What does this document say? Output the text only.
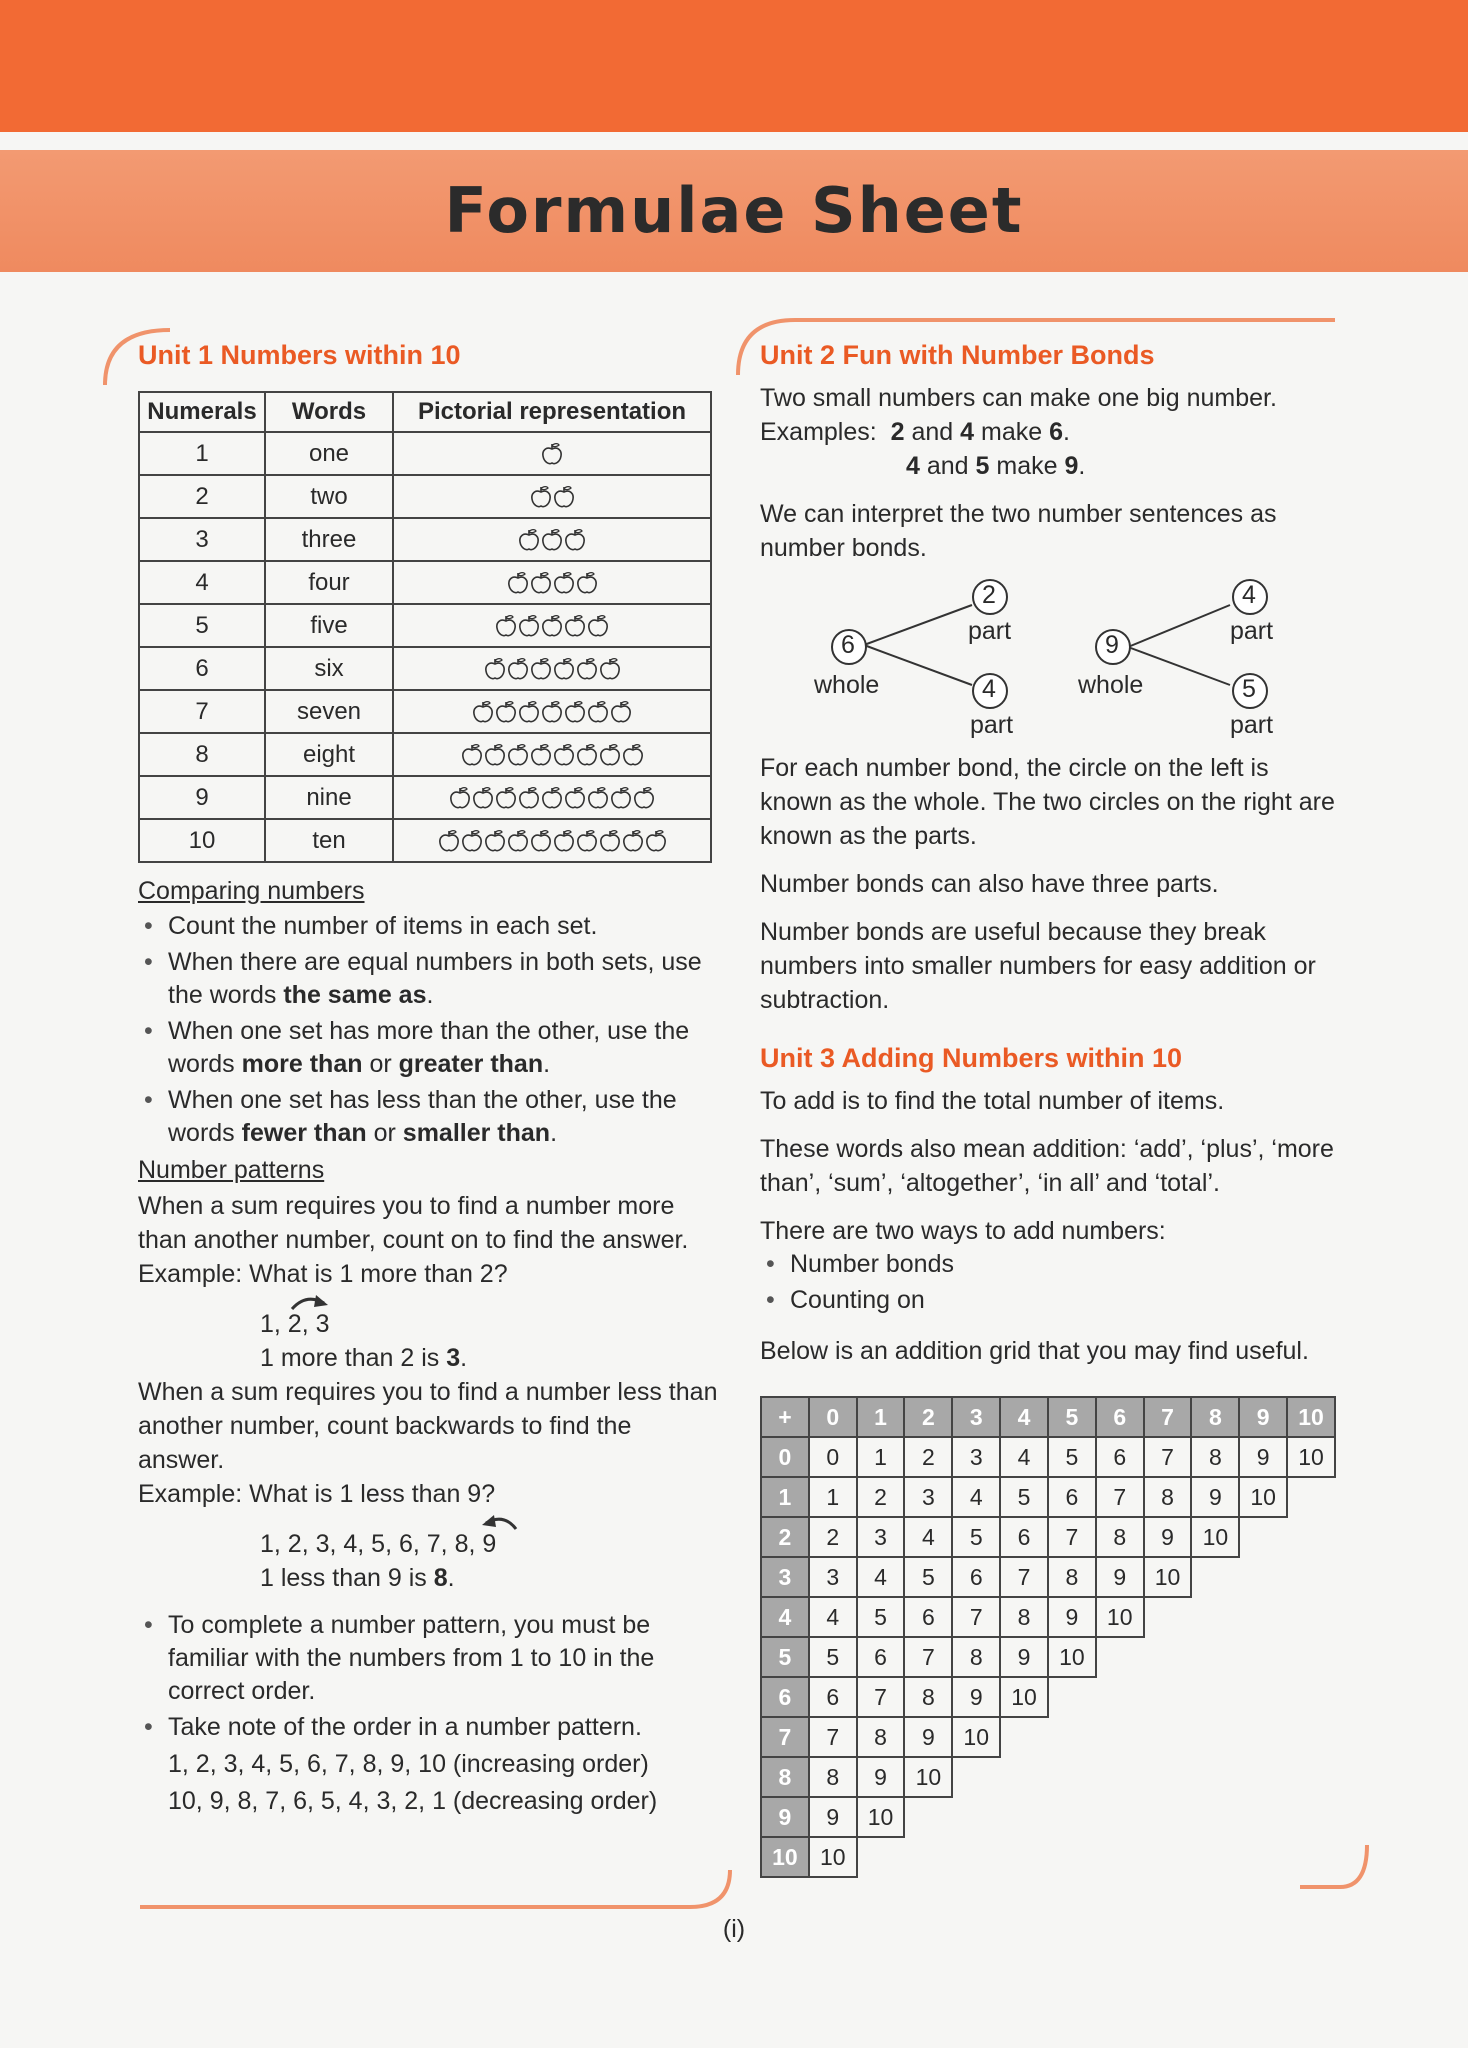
Formulae Sheet
Unit 1 Numbers within 10
Numerals	Words	Pictorial representation
1	one	
2	two	
3	three	
4	four	
5	five	
6	six	
7	seven	
8	eight	
9	nine	
10	ten	
Comparing numbers
• Count the number of items in each set.
• When there are equal numbers in both sets, use the words the same as.
• When one set has more than the other, use the words more than or greater than.
• When one set has less than the other, use the words fewer than or smaller than.
Number patterns

When a sum requires you to find a number more than another number, count on to find the answer.

Example: What is 1 more than 2?

1, 2, 3
1 more than 2 is 3.

When a sum requires you to find a number less than another number, count backwards to find the answer.

Example: What is 1 less than 9?

1, 2, 3, 4, 5, 6, 7, 8, 9
1 less than 9 is 8.
• To complete a number pattern, you must be familiar with the numbers from 1 to 10 in the correct order.
• Take note of the order in a number pattern.
1, 2, 3, 4, 5, 6, 7, 8, 9, 10 (increasing order)
10, 9, 8, 7, 6, 5, 4, 3, 2, 1 (decreasing order)
Unit 2 Fun with Number Bonds

Two small numbers can make one big number.

Examples: 2 and 4 make 6.

4 and 5 make 9.

We can interpret the two number sentences as number bonds.

6
2
4
whole
part
part
9
4
5
whole
part
part

For each number bond, the circle on the left is known as the whole. The two circles on the right are known as the parts.

Number bonds can also have three parts.

Number bonds are useful because they break numbers into smaller numbers for easy addition or subtraction.

Unit 3 Adding Numbers within 10

To add is to find the total number of items.

These words also mean addition: ‘add’, ‘plus’, ‘more than’, ‘sum’, ‘altogether’, ‘in all’ and ‘total’.

There are two ways to add numbers:

• Number bonds
• Counting on

Below is an addition grid that you may find useful.

+	0	1	2	3	4	5	6	7	8	9	10
0	0	1	2	3	4	5	6	7	8	9	10
1	1	2	3	4	5	6	7	8	9	10	
2	2	3	4	5	6	7	8	9	10		
3	3	4	5	6	7	8	9	10			
4	4	5	6	7	8	9	10				
5	5	6	7	8	9	10					
6	6	7	8	9	10						
7	7	8	9	10							
8	8	9	10								
9	9	10									
10	10										
(i)
